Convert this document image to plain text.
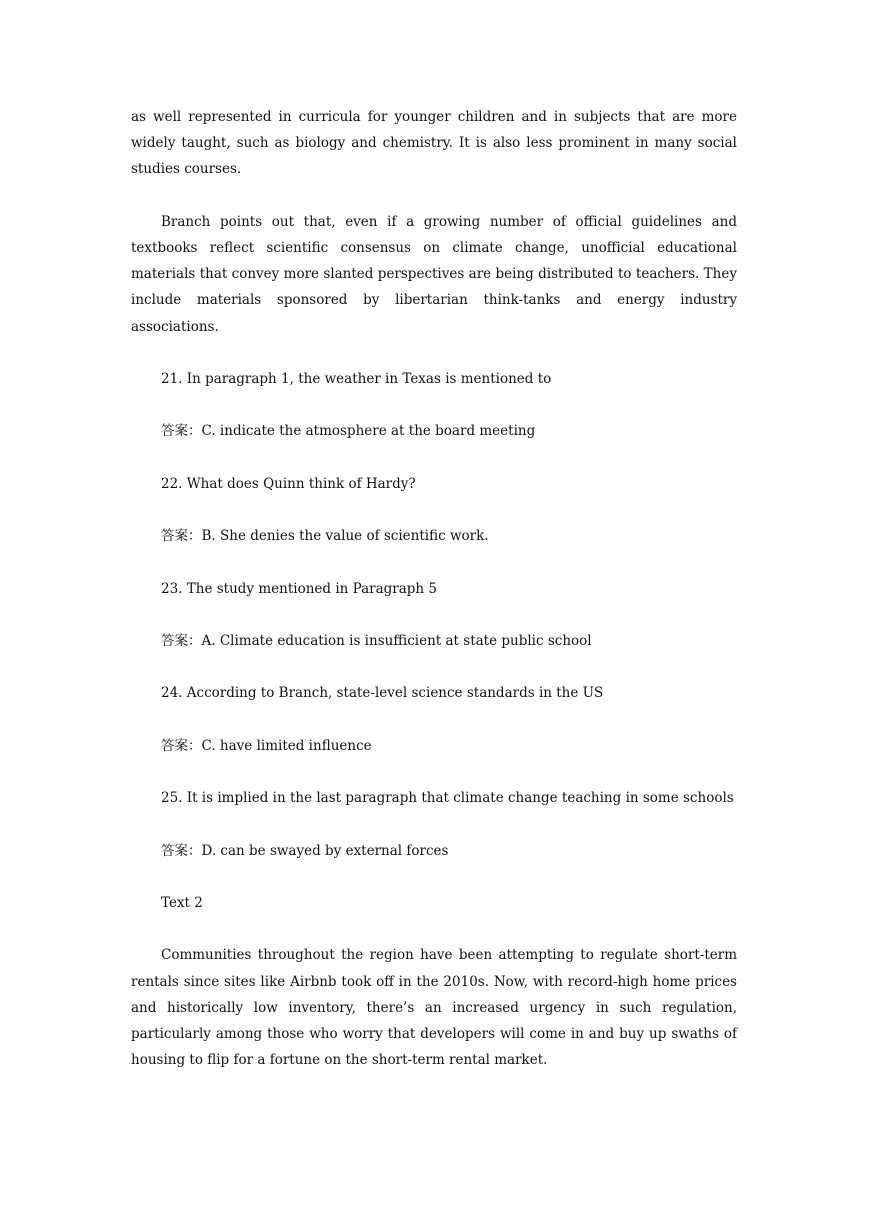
as well represented in curricula for younger children and in subjects that are more widely taught, such as biology and chemistry. It is also less prominent in many social studies courses.

Branch points out that, even if a growing number of official guidelines and textbooks reflect scientific consensus on climate change, unofficial educational materials that convey more slanted perspectives are being distributed to teachers. They include materials sponsored by libertarian think-tanks and energy industry associations.

21. In paragraph 1, the weather in Texas is mentioned to

答案：C. indicate the atmosphere at the board meeting

22. What does Quinn think of Hardy?

答案：B. She denies the value of scientific work.

23. The study mentioned in Paragraph 5

答案：A. Climate education is insufficient at state public school

24. According to Branch, state-level science standards in the US

答案：C. have limited influence

25. It is implied in the last paragraph that climate change teaching in some schools

答案：D. can be swayed by external forces

Text 2

Communities throughout the region have been attempting to regulate short-term rentals since sites like Airbnb took off in the 2010s. Now, with record-high home prices and historically low inventory, there’s an increased urgency in such regulation, particularly among those who worry that developers will come in and buy up swaths of housing to flip for a fortune on the short-term rental market.
